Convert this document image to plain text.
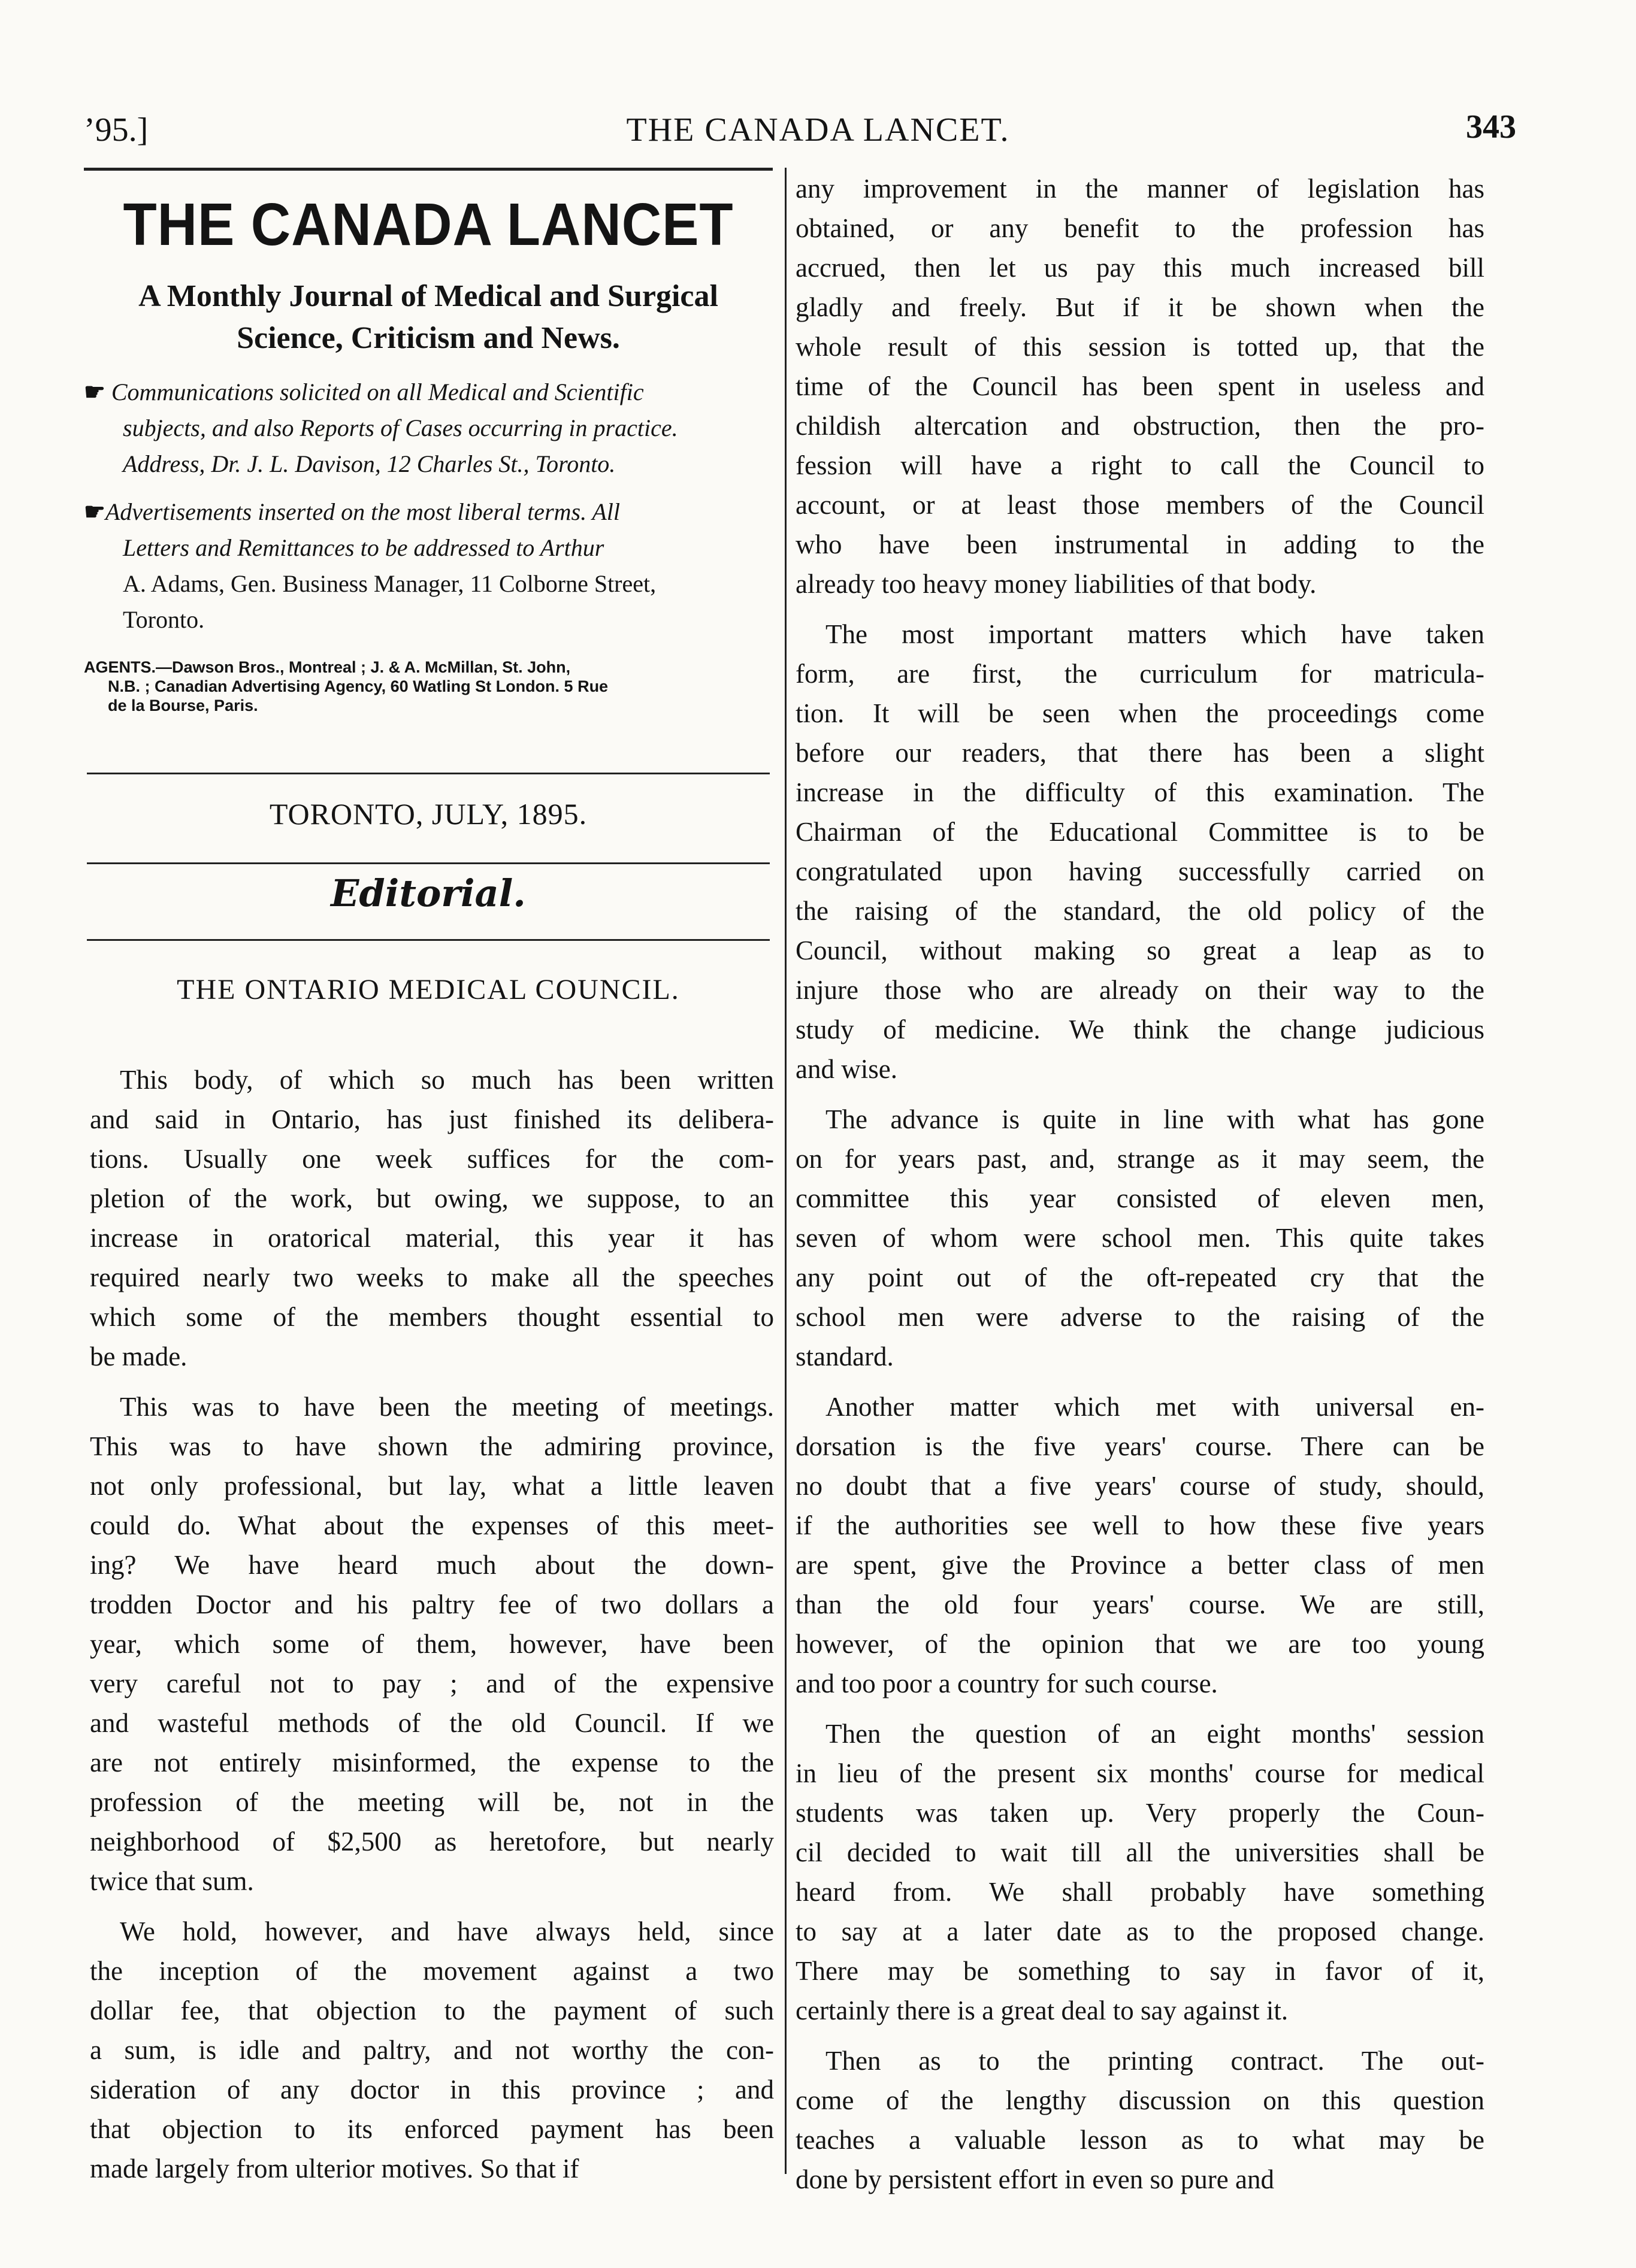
’95.]	THE CANADA LANCET.	343
THE CANADA LANCET
A Monthly Journal of Medical and Surgical
Science, Criticism and News.
☛ Communications solicited on all Medical and Scientific
subjects, and also Reports of Cases occurring in practice.
Address, Dr. J. L. Davison, 12 Charles St., Toronto.
☛Advertisements inserted on the most liberal terms. All
Letters and Remittances to be addressed to Arthur
A. Adams, Gen. Business Manager, 11 Colborne Street,
Toronto.
AGENTS.—Dawson Bros., Montreal ; J. & A. McMillan, St. John,
N.B. ; Canadian Advertising Agency, 60 Watling St London. 5 Rue
de la Bourse, Paris.
TORONTO, JULY, 1895.
Editorial.
THE ONTARIO MEDICAL COUNCIL.
This body, of which so much has been written
and said in Ontario, has just finished its delibera-
tions. Usually one week suffices for the com-
pletion of the work, but owing, we suppose, to an
increase in oratorical material, this year it has
required nearly two weeks to make all the speeches
which some of the members thought essential to
be made.
This was to have been the meeting of meetings.
This was to have shown the admiring province,
not only professional, but lay, what a little leaven
could do. What about the expenses of this meet-
ing? We have heard much about the down-
trodden Doctor and his paltry fee of two dollars a
year, which some of them, however, have been
very careful not to pay ; and of the expensive
and wasteful methods of the old Council. If we
are not entirely misinformed, the expense to the
profession of the meeting will be, not in the
neighborhood of $2,500 as heretofore, but nearly
twice that sum.
We hold, however, and have always held, since
the inception of the movement against a two
dollar fee, that objection to the payment of such
a sum, is idle and paltry, and not worthy the con-
sideration of any doctor in this province ; and
that objection to its enforced payment has been
made largely from ulterior motives. So that if
any improvement in the manner of legislation has
obtained, or any benefit to the profession has
accrued, then let us pay this much increased bill
gladly and freely. But if it be shown when the
whole result of this session is totted up, that the
time of the Council has been spent in useless and
childish altercation and obstruction, then the pro-
fession will have a right to call the Council to
account, or at least those members of the Council
who have been instrumental in adding to the
already too heavy money liabilities of that body.
The most important matters which have taken
form, are first, the curriculum for matricula-
tion. It will be seen when the proceedings come
before our readers, that there has been a slight
increase in the difficulty of this examination. The
Chairman of the Educational Committee is to be
congratulated upon having successfully carried on
the raising of the standard, the old policy of the
Council, without making so great a leap as to
injure those who are already on their way to the
study of medicine. We think the change judicious
and wise.
The advance is quite in line with what has gone
on for years past, and, strange as it may seem, the
committee this year consisted of eleven men,
seven of whom were school men. This quite takes
any point out of the oft-repeated cry that the
school men were adverse to the raising of the
standard.
Another matter which met with universal en-
dorsation is the five years' course. There can be
no doubt that a five years' course of study, should,
if the authorities see well to how these five years
are spent, give the Province a better class of men
than the old four years' course. We are still,
however, of the opinion that we are too young
and too poor a country for such course.
Then the question of an eight months' session
in lieu of the present six months' course for medical
students was taken up. Very properly the Coun-
cil decided to wait till all the universities shall be
heard from. We shall probably have something
to say at a later date as to the proposed change.
There may be something to say in favor of it,
certainly there is a great deal to say against it.
Then as to the printing contract. The out-
come of the lengthy discussion on this question
teaches a valuable lesson as to what may be
done by persistent effort in even so pure and
